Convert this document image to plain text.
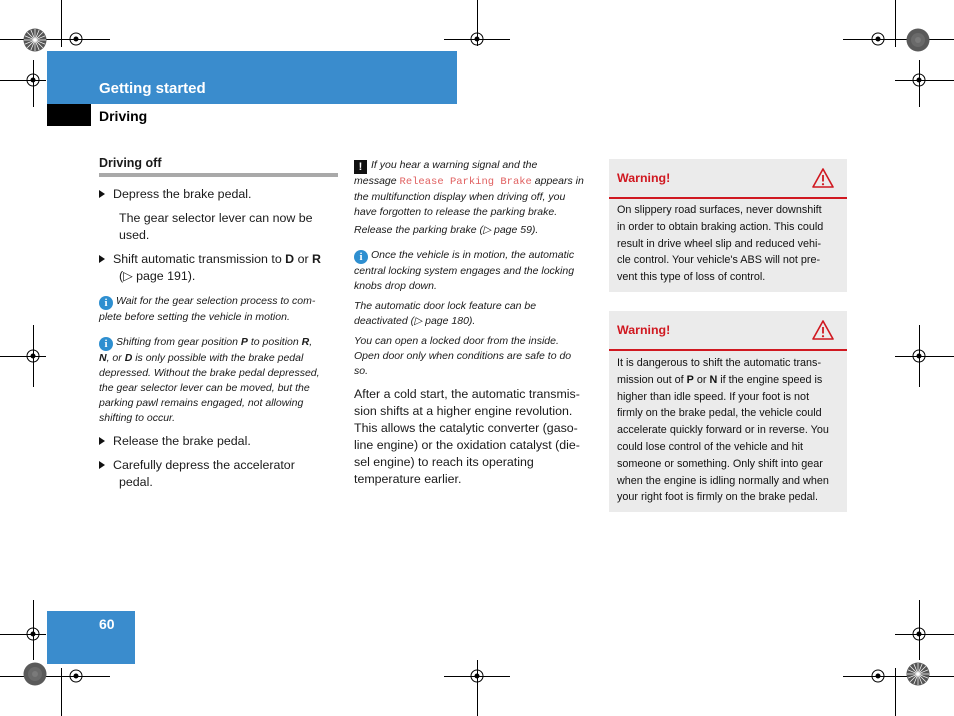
Getting started
Driving
Driving off
Depress the brake pedal.
The gear selector lever can now be
used.
Shift automatic transmission to D or R
(▷ page 191).
i Wait for the gear selection process to com-
plete before setting the vehicle in motion.
i Shifting from gear position P to position R,
N, or D is only possible with the brake pedal
depressed. Without the brake pedal depressed,
the gear selector lever can be moved, but the
parking pawl remains engaged, not allowing
shifting to occur.
Release the brake pedal.
Carefully depress the accelerator
pedal.
! If you hear a warning signal and the
message Release Parking Brake appears in
the multifunction display when driving off, you
have forgotten to release the parking brake.
Release the parking brake (▷ page 59).
i Once the vehicle is in motion, the automatic
central locking system engages and the locking
knobs drop down.
The automatic door lock feature can be
deactivated (▷ page 180).
You can open a locked door from the inside.
Open door only when conditions are safe to do
so.
After a cold start, the automatic transmis-
sion shifts at a higher engine revolution.
This allows the catalytic converter (gaso-
line engine) or the oxidation catalyst (die-
sel engine) to reach its operating
temperature earlier.
Warning!
On slippery road surfaces, never downshift
in order to obtain braking action. This could
result in drive wheel slip and reduced vehi-
cle control. Your vehicle's ABS will not pre-
vent this type of loss of control.
Warning!
It is dangerous to shift the automatic trans-
mission out of P or N if the engine speed is
higher than idle speed. If your foot is not
firmly on the brake pedal, the vehicle could
accelerate quickly forward or in reverse. You
could lose control of the vehicle and hit
someone or something. Only shift into gear
when the engine is idling normally and when
your right foot is firmly on the brake pedal.
60
